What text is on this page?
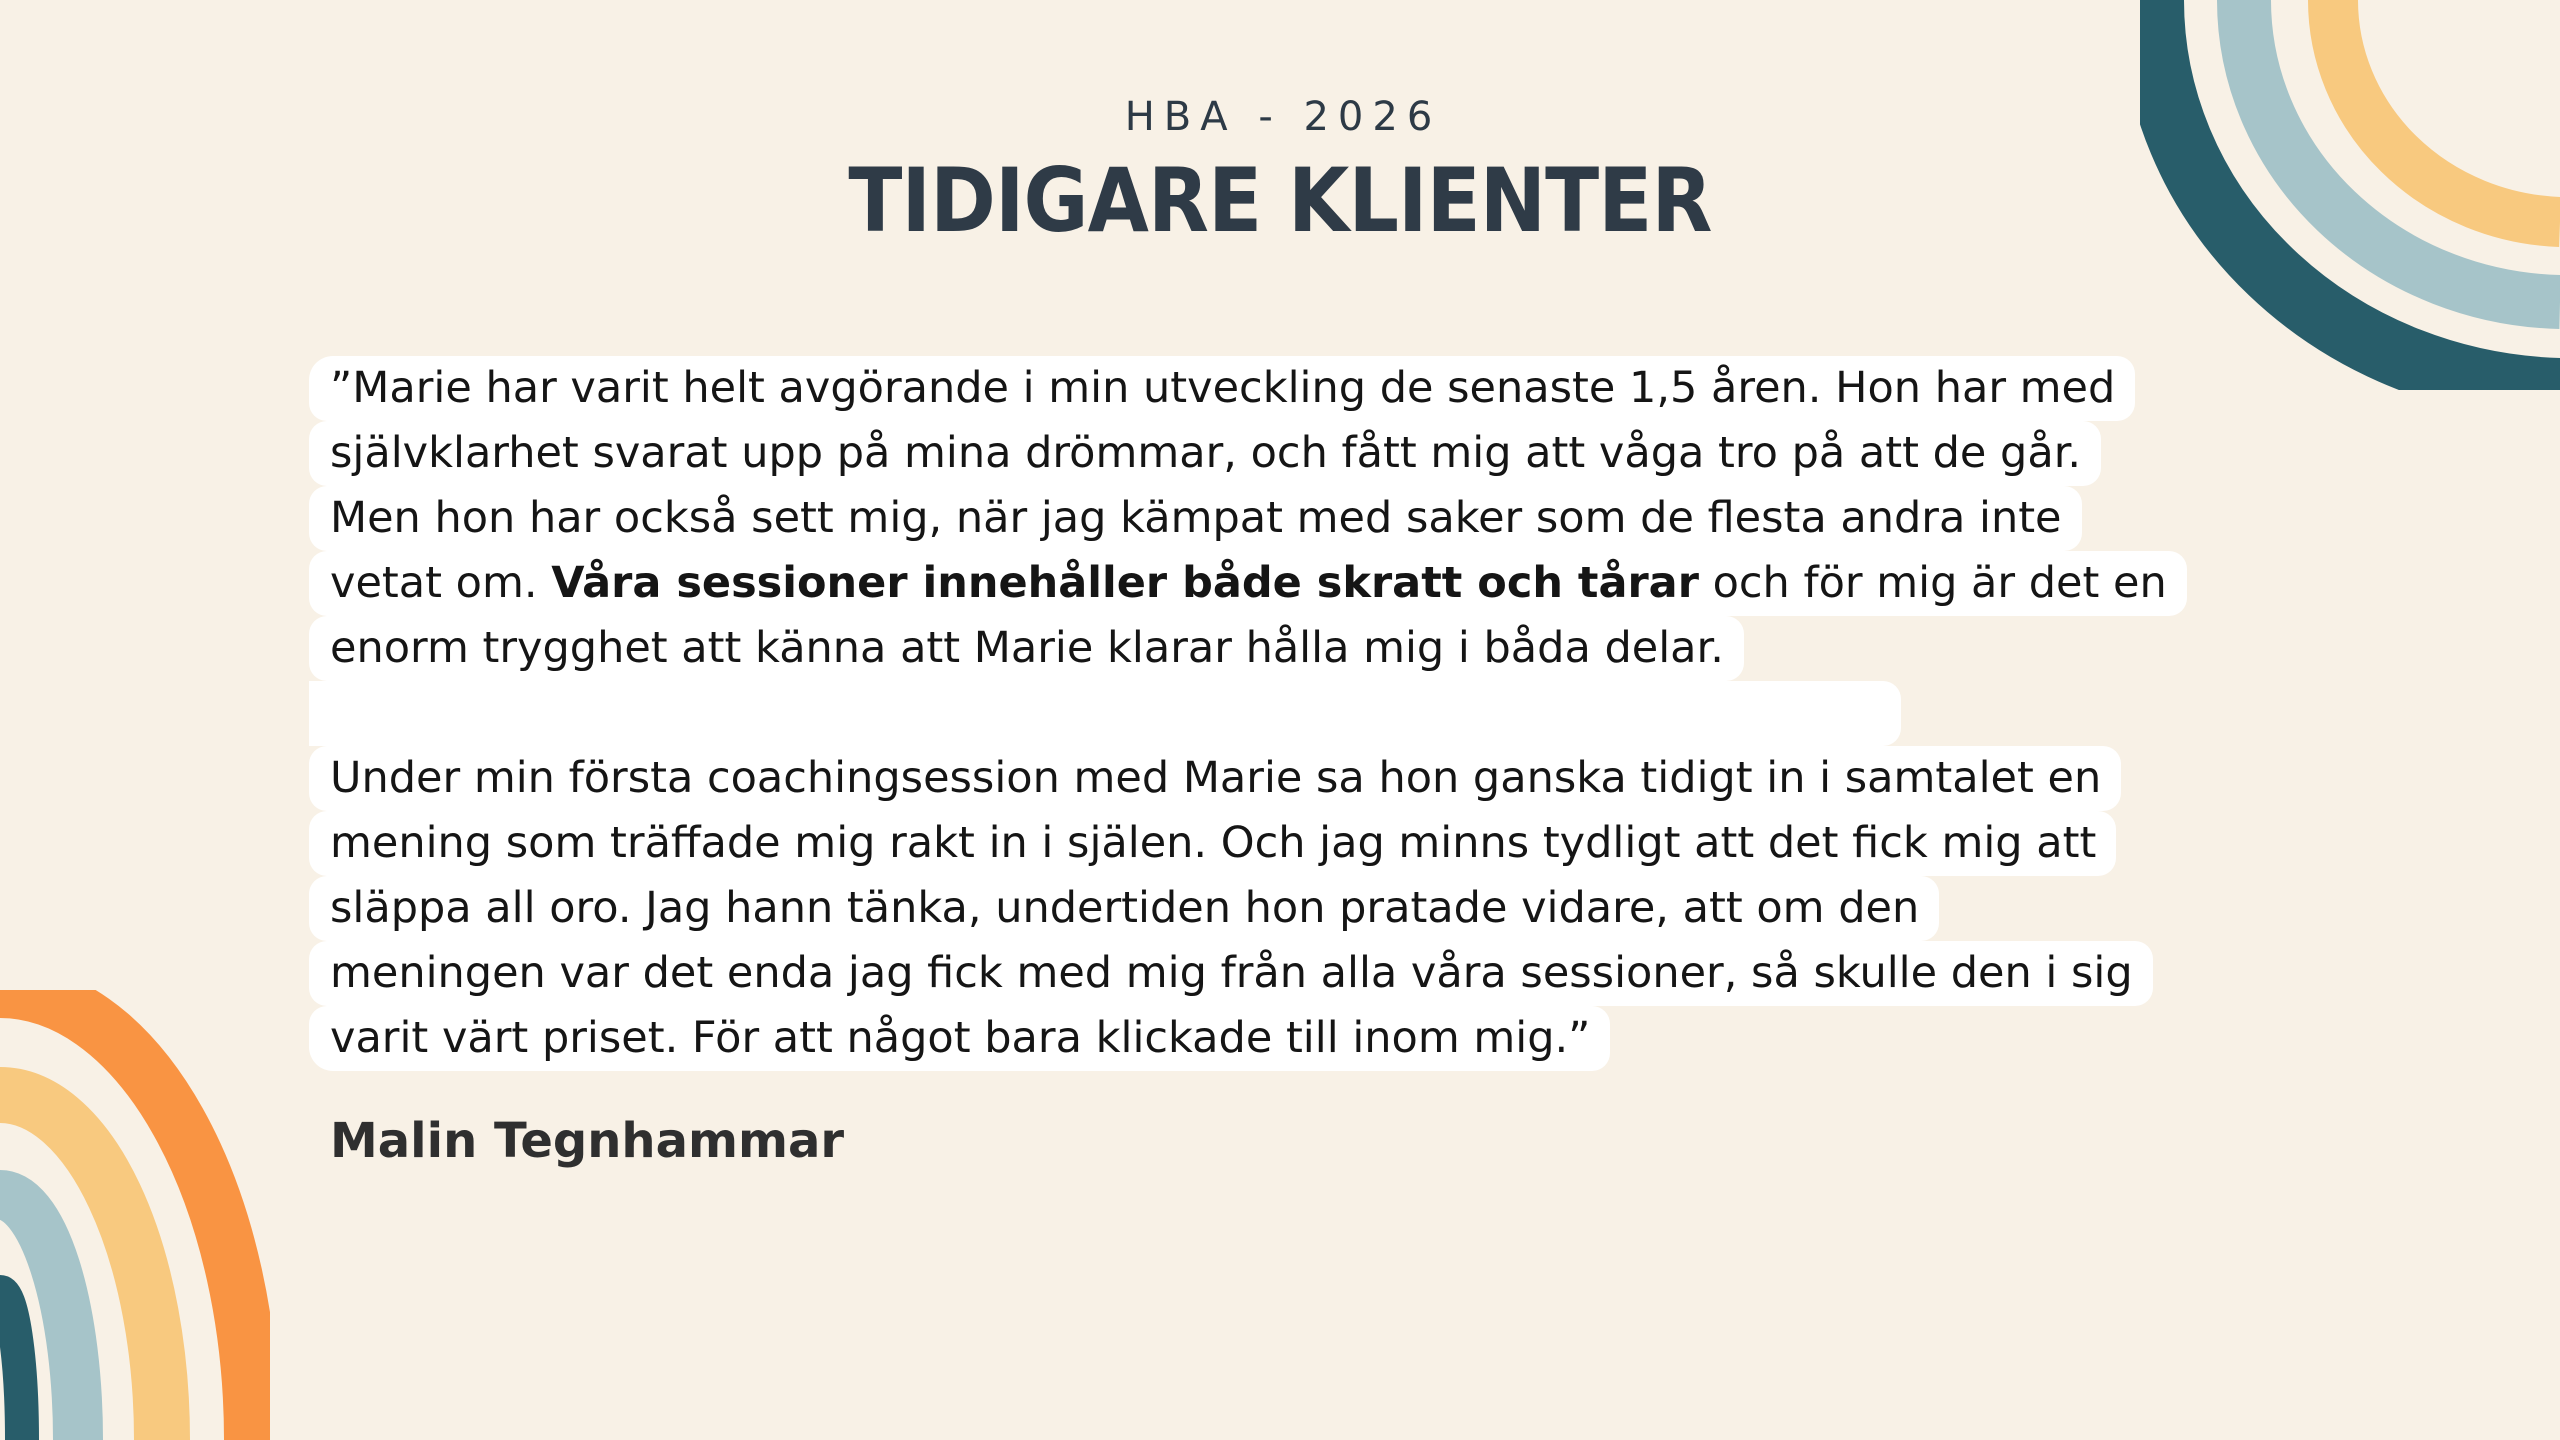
HBA - 2026

TIDIGARE KLIENTER

”Marie har varit helt avgörande i min utveckling de senaste 1,5 åren. Hon har med
självklarhet svarat upp på mina drömmar, och fått mig att våga tro på att de går.
Men hon har också sett mig, när jag kämpat med saker som de flesta andra inte
vetat om. Våra sessioner innehåller både skratt och tårar och för mig är det en
enorm trygghet att känna att Marie klarar hålla mig i båda delar.

Under min första coachingsession med Marie sa hon ganska tidigt in i samtalet en
mening som träffade mig rakt in i själen. Och jag minns tydligt att det fick mig att
släppa all oro. Jag hann tänka, undertiden hon pratade vidare, att om den
meningen var det enda jag fick med mig från alla våra sessioner, så skulle den i sig
varit värt priset. För att något bara klickade till inom mig.”

Malin Tegnhammar
